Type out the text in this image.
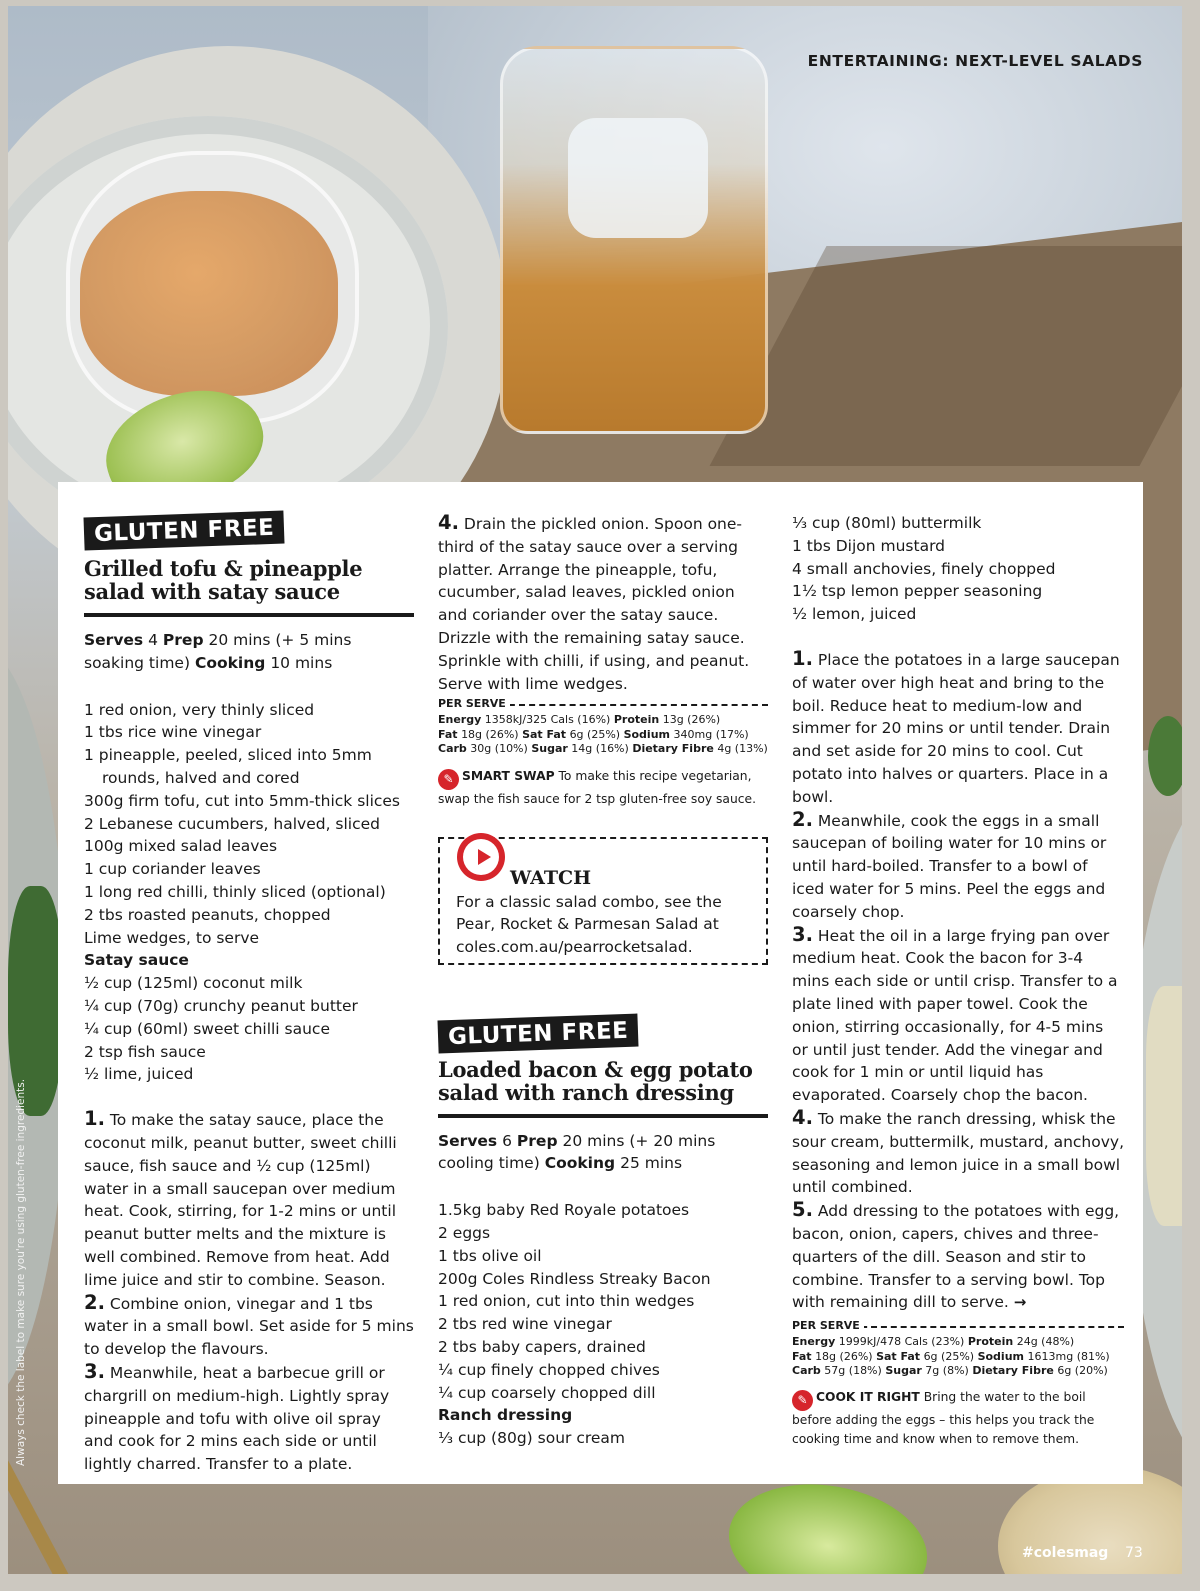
ENTERTAINING: NEXT-LEVEL SALADS
Always check the label to make sure you're using gluten-free ingredients.
#colesmag 73
GLUTEN FREE
Grilled tofu & pineapple
salad with satay sauce
Serves 4 Prep 20 mins (+ 5 mins
soaking time) Cooking 10 mins
1 red onion, very thinly sliced
1 tbs rice wine vinegar
1 pineapple, peeled, sliced into 5mm rounds, halved and cored
300g firm tofu, cut into 5mm-thick slices
2 Lebanese cucumbers, halved, sliced
100g mixed salad leaves
1 cup coriander leaves
1 long red chilli, thinly sliced (optional)
2 tbs roasted peanuts, chopped
Lime wedges, to serve
Satay sauce
½ cup (125ml) coconut milk
¼ cup (70g) crunchy peanut butter
¼ cup (60ml) sweet chilli sauce
2 tsp fish sauce
½ lime, juiced
1. To make the satay sauce, place the coconut milk, peanut butter, sweet chilli sauce, fish sauce and ½ cup (125ml) water in a small saucepan over medium heat. Cook, stirring, for 1-2 mins or until peanut butter melts and the mixture is well combined. Remove from heat. Add lime juice and stir to combine. Season.
2. Combine onion, vinegar and 1 tbs water in a small bowl. Set aside for 5 mins to develop the flavours.
3. Meanwhile, heat a barbecue grill or chargrill on medium-high. Lightly spray pineapple and tofu with olive oil spray and cook for 2 mins each side or until lightly charred. Transfer to a plate.
4. Drain the pickled onion. Spoon one-third of the satay sauce over a serving platter. Arrange the pineapple, tofu, cucumber, salad leaves, pickled onion and coriander over the satay sauce. Drizzle with the remaining satay sauce. Sprinkle with chilli, if using, and peanut. Serve with lime wedges.
PER SERVE
Energy 1358kJ/325 Cals (16%) Protein 13g (26%)
Fat 18g (26%) Sat Fat 6g (25%) Sodium 340mg (17%)
Carb 30g (10%) Sugar 14g (16%) Dietary Fibre 4g (13%)
✎ SMART SWAP To make this recipe vegetarian, swap the fish sauce for 2 tsp gluten-free soy sauce.
WATCH
For a classic salad combo, see the Pear, Rocket & Parmesan Salad at coles.com.au/pearrocketsalad.
GLUTEN FREE
Loaded bacon & egg potato
salad with ranch dressing
Serves 6 Prep 20 mins (+ 20 mins
cooling time) Cooking 25 mins
1.5kg baby Red Royale potatoes
2 eggs
1 tbs olive oil
200g Coles Rindless Streaky Bacon
1 red onion, cut into thin wedges
2 tbs red wine vinegar
2 tbs baby capers, drained
¼ cup finely chopped chives
¼ cup coarsely chopped dill
Ranch dressing
⅓ cup (80g) sour cream
⅓ cup (80ml) buttermilk
1 tbs Dijon mustard
4 small anchovies, finely chopped
1½ tsp lemon pepper seasoning
½ lemon, juiced
1. Place the potatoes in a large saucepan of water over high heat and bring to the boil. Reduce heat to medium-low and simmer for 20 mins or until tender. Drain and set aside for 20 mins to cool. Cut potato into halves or quarters. Place in a bowl.
2. Meanwhile, cook the eggs in a small saucepan of boiling water for 10 mins or until hard-boiled. Transfer to a bowl of iced water for 5 mins. Peel the eggs and coarsely chop.
3. Heat the oil in a large frying pan over medium heat. Cook the bacon for 3-4 mins each side or until crisp. Transfer to a plate lined with paper towel. Cook the onion, stirring occasionally, for 4-5 mins or until just tender. Add the vinegar and cook for 1 min or until liquid has evaporated. Coarsely chop the bacon.
4. To make the ranch dressing, whisk the sour cream, buttermilk, mustard, anchovy, seasoning and lemon juice in a small bowl until combined.
5. Add dressing to the potatoes with egg, bacon, onion, capers, chives and three-quarters of the dill. Season and stir to combine. Transfer to a serving bowl. Top with remaining dill to serve. →
PER SERVE
Energy 1999kJ/478 Cals (23%) Protein 24g (48%)
Fat 18g (26%) Sat Fat 6g (25%) Sodium 1613mg (81%)
Carb 57g (18%) Sugar 7g (8%) Dietary Fibre 6g (20%)
✎ COOK IT RIGHT Bring the water to the boil before adding the eggs – this helps you track the cooking time and know when to remove them.
